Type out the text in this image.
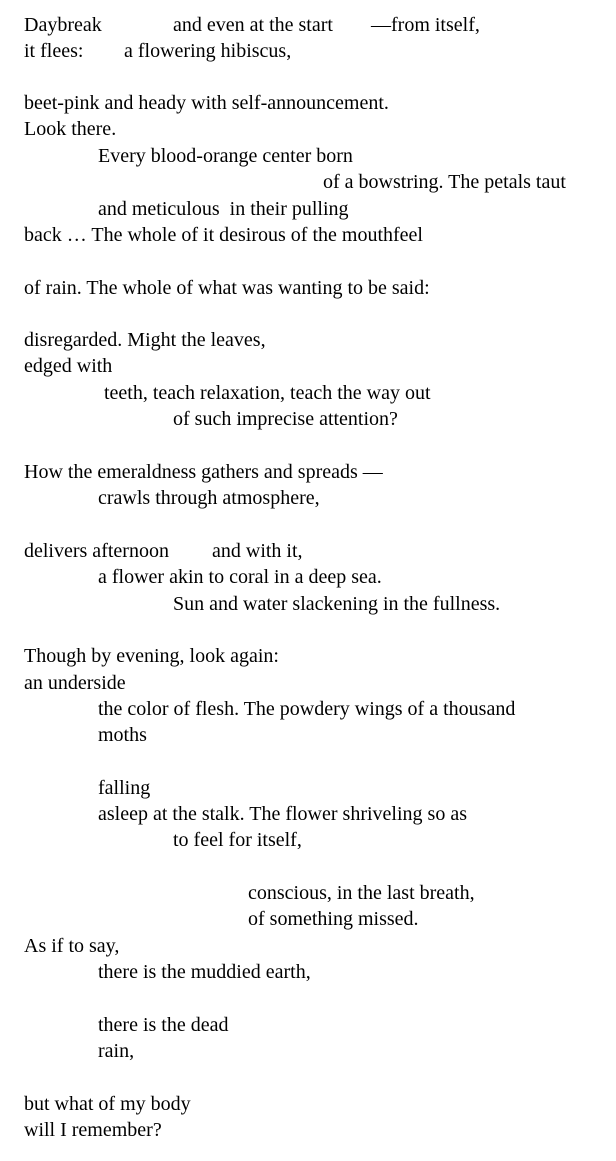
Daybreak	and even at the start —from itself,
it flees: a flowering hibiscus,
beet-pink and heady with self-announcement.
Look there.
Every blood-orange center born
of a bowstring. The petals taut
and meticulous  in their pulling
back … The whole of it desirous of the mouthfeel
of rain. The whole of what was wanting to be said:
disregarded. Might the leaves,
edged with
teeth, teach relaxation, teach the way out
of such imprecise attention?
How the emeraldness gathers and spreads —
crawls through atmosphere,
delivers afternoon and with it,
a flower akin to coral in a deep sea.
Sun and water slackening in the fullness.
Though by evening, look again:
an underside
the color of flesh. The powdery wings of a thousand
moths
falling
asleep at the stalk. The flower shriveling so as
to feel for itself,
conscious, in the last breath,
of something missed.
As if to say,
there is the muddied earth,
there is the dead
rain,
but what of my body
will I remember?
